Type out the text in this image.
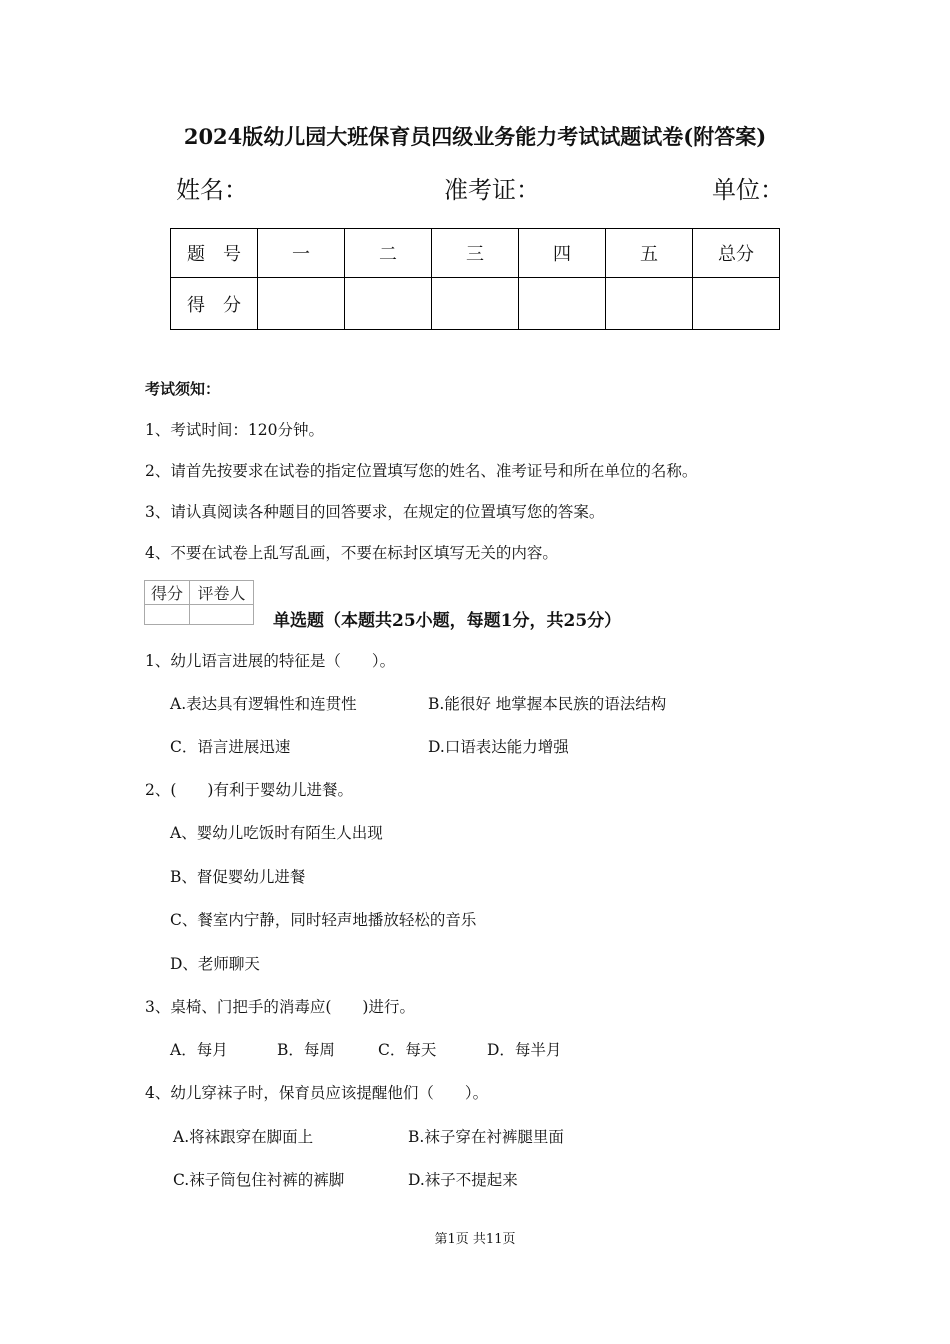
2024版幼儿园大班保育员四级业务能力考试试题试卷(附答案)
姓名：	准考证：	单位：
题　号	一	二	三	四	五	总分
得　分						
考试须知：
1、考试时间：120分钟。
2、请首先按要求在试卷的指定位置填写您的姓名、准考证号和所在单位的名称。
3、请认真阅读各种题目的回答要求，在规定的位置填写您的答案。
4、不要在试卷上乱写乱画，不要在标封区填写无关的内容。
得分	评卷人

单选题（本题共25小题，每题1分，共25分）
1、幼儿语言进展的特征是（　　）。
A.表达具有逻辑性和连贯性	B.能很好 地掌握本民族的语法结构
C．语言进展迅速	D.口语表达能力增强
2、(　　)有利于婴幼儿进餐。
A、婴幼儿吃饭时有陌生人出现
B、督促婴幼儿进餐
C、餐室内宁静，同时轻声地播放轻松的音乐
D、老师聊天
3、桌椅、门把手的消毒应(　　)进行。
A．每月	B．每周	C．每天	D．每半月
4、幼儿穿袜子时，保育员应该提醒他们（　　）。
A.将袜跟穿在脚面上	B.袜子穿在衬裤腿里面
C.袜子筒包住衬裤的裤脚	D.袜子不提起来
第1页 共11页
